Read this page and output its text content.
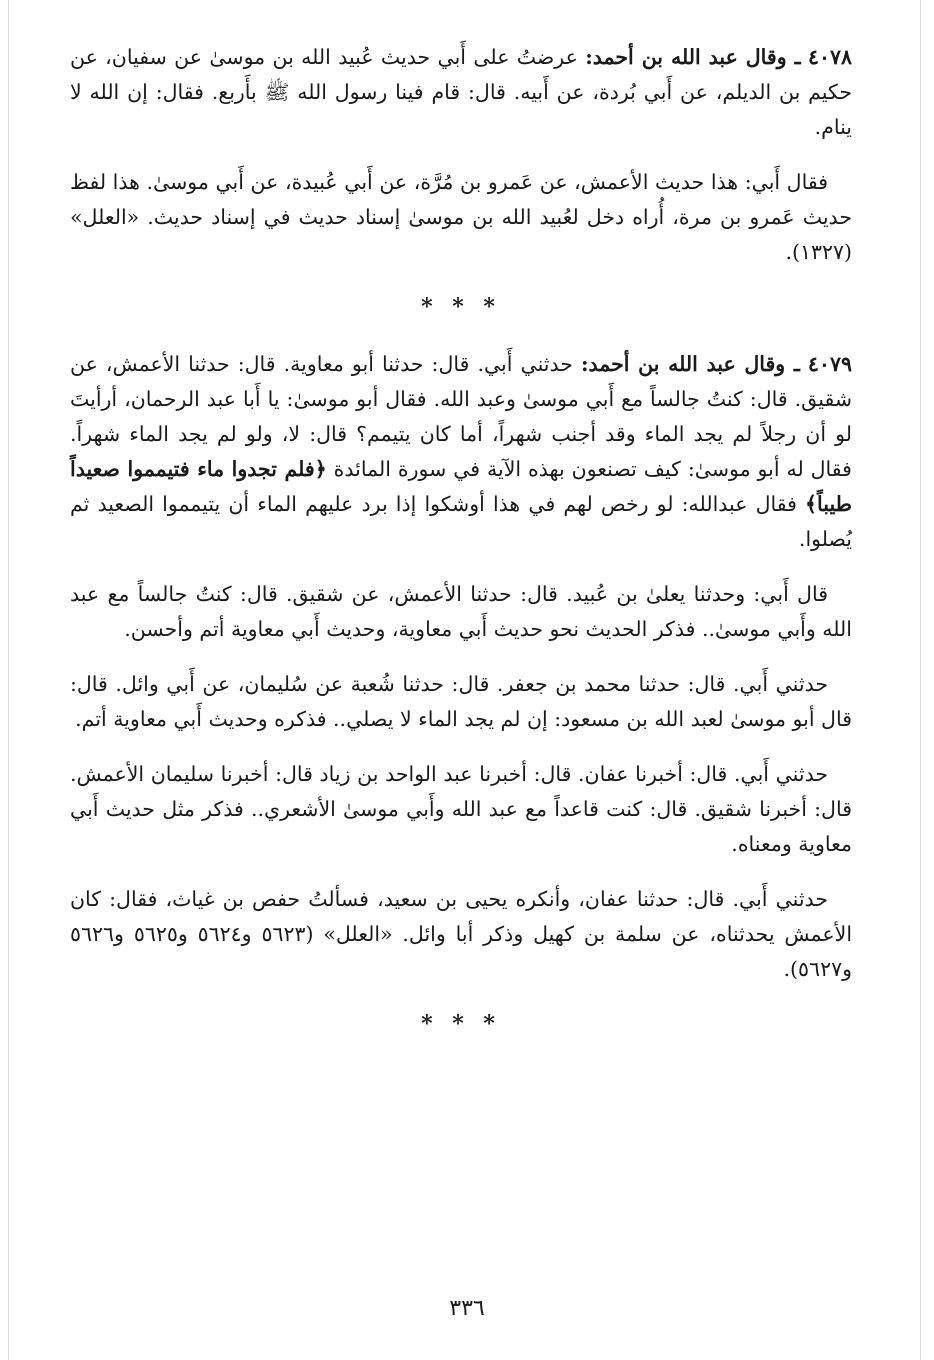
٤٠٧٨ ـ وقال عبد الله بن أحمد: عرضتُ على أَبي حديث عُبيد الله بن موسىٰ عن سفيان، عن حكيم بن الديلم، عن أَبي بُردة، عن أَبيه. قال: قام فينا رسول الله ﷺ بأَربع. فقال: إن الله لا ينام.

فقال أَبي: هذا حديث الأعمش، عن عَمرو بن مُرَّة، عن أَبي عُبيدة، عن أَبي موسىٰ. هذا لفظ حديث عَمرو بن مرة، أُراه دخل لعُبيد الله بن موسىٰ إسناد حديث في إسناد حديث. «العلل» (١٣٢٧).

* * *

٤٠٧٩ ـ وقال عبد الله بن أحمد: حدثني أَبي. قال: حدثنا أبو معاوية. قال: حدثنا الأعمش، عن شقيق. قال: كنتُ جالساً مع أَبي موسىٰ وعبد الله. فقال أبو موسىٰ: يا أَبا عبد الرحمان، أرأيتَ لو أن رجلاً لم يجد الماء وقد أجنب شهراً، أما كان يتيمم؟ قال: لا، ولو لم يجد الماء شهراً. فقال له أبو موسىٰ: كيف تصنعون بهذه الآية في سورة المائدة ﴿فلم تجدوا ماء فتيمموا صعيداً طيباً﴾ فقال عبدالله: لو رخص لهم في هذا أوشكوا إذا برد عليهم الماء أن يتيمموا الصعيد ثم يُصلوا.

قال أَبي: وحدثنا يعلىٰ بن عُبيد. قال: حدثنا الأعمش، عن شقيق. قال: كنتُ جالساً مع عبد الله وأَبي موسىٰ.. فذكر الحديث نحو حديث أَبي معاوية، وحديث أَبي معاوية أتم وأحسن.

حدثني أَبي. قال: حدثنا محمد بن جعفر. قال: حدثنا شُعبة عن سُليمان، عن أَبي وائل. قال: قال أبو موسىٰ لعبد الله بن مسعود: إن لم يجد الماء لا يصلي.. فذكره وحديث أَبي معاوية أتم.

حدثني أَبي. قال: أخبرنا عفان. قال: أخبرنا عبد الواحد بن زياد قال: أخبرنا سليمان الأعمش. قال: أخبرنا شقيق. قال: كنت قاعداً مع عبد الله وأَبي موسىٰ الأشعري.. فذكر مثل حديث أَبي معاوية ومعناه.

حدثني أَبي. قال: حدثنا عفان، وأنكره يحيى بن سعيد، فسألتُ حفص بن غياث، فقال: كان الأعمش يحدثناه، عن سلمة بن كهيل وذكر أبا وائل. «العلل» (٥٦٢٣ و٥٦٢٤ و٥٦٢٥ و٥٦٢٦ و٥٦٢٧).

* * *
٣٣٦
